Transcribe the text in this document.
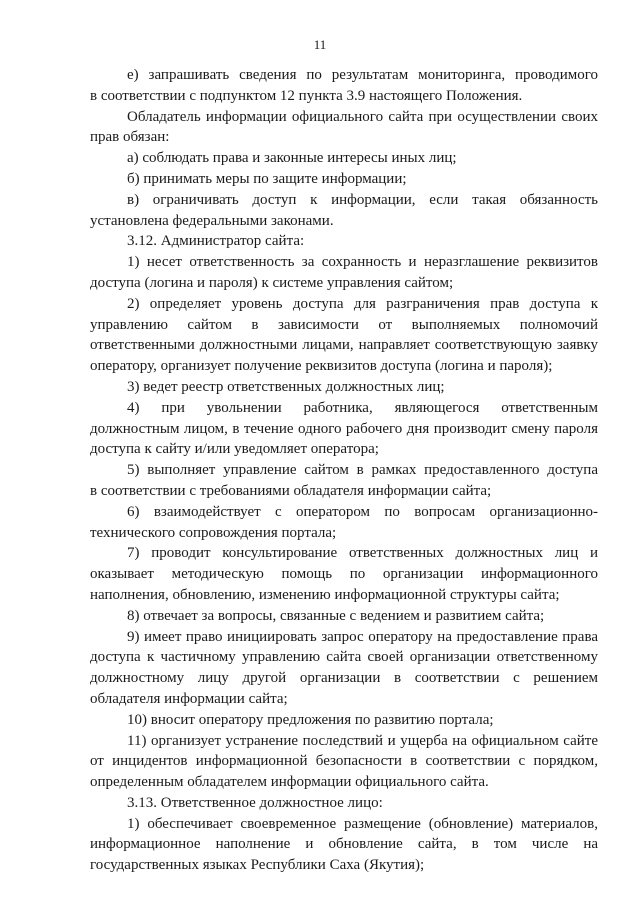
11
е) запрашивать сведения по результатам мониторинга, проводимого
в соответствии с подпунктом 12 пункта 3.9 настоящего Положения.
Обладатель информации официального сайта при осуществлении своих
прав обязан:
а) соблюдать права и законные интересы иных лиц;
б) принимать меры по защите информации;
в) ограничивать доступ к информации, если такая обязанность
установлена федеральными законами.
3.12. Администратор сайта:
1) несет ответственность за сохранность и неразглашение реквизитов
доступа (логина и пароля) к системе управления сайтом;
2) определяет уровень доступа для разграничения прав доступа к
управлению сайтом в зависимости от выполняемых полномочий
ответственными должностными лицами, направляет соответствующую заявку
оператору, организует получение реквизитов доступа (логина и пароля);
3) ведет реестр ответственных должностных лиц;
4) при увольнении работника, являющегося ответственным
должностным лицом, в течение одного рабочего дня производит смену пароля
доступа к сайту и/или уведомляет оператора;
5) выполняет управление сайтом в рамках предоставленного доступа
в соответствии с требованиями обладателя информации сайта;
6) взаимодействует с оператором по вопросам организационно-
технического сопровождения портала;
7) проводит консультирование ответственных должностных лиц и
оказывает методическую помощь по организации информационного
наполнения, обновлению, изменению информационной структуры сайта;
8) отвечает за вопросы, связанные с ведением и развитием сайта;
9) имеет право инициировать запрос оператору на предоставление права
доступа к частичному управлению сайта своей организации ответственному
должностному лицу другой организации в соответствии с решением
обладателя информации сайта;
10) вносит оператору предложения по развитию портала;
11) организует устранение последствий и ущерба на официальном сайте
от инцидентов информационной безопасности в соответствии с порядком,
определенным обладателем информации официального сайта.
3.13. Ответственное должностное лицо:
1) обеспечивает своевременное размещение (обновление) материалов,
информационное наполнение и обновление сайта, в том числе на
государственных языках Республики Саха (Якутия);
